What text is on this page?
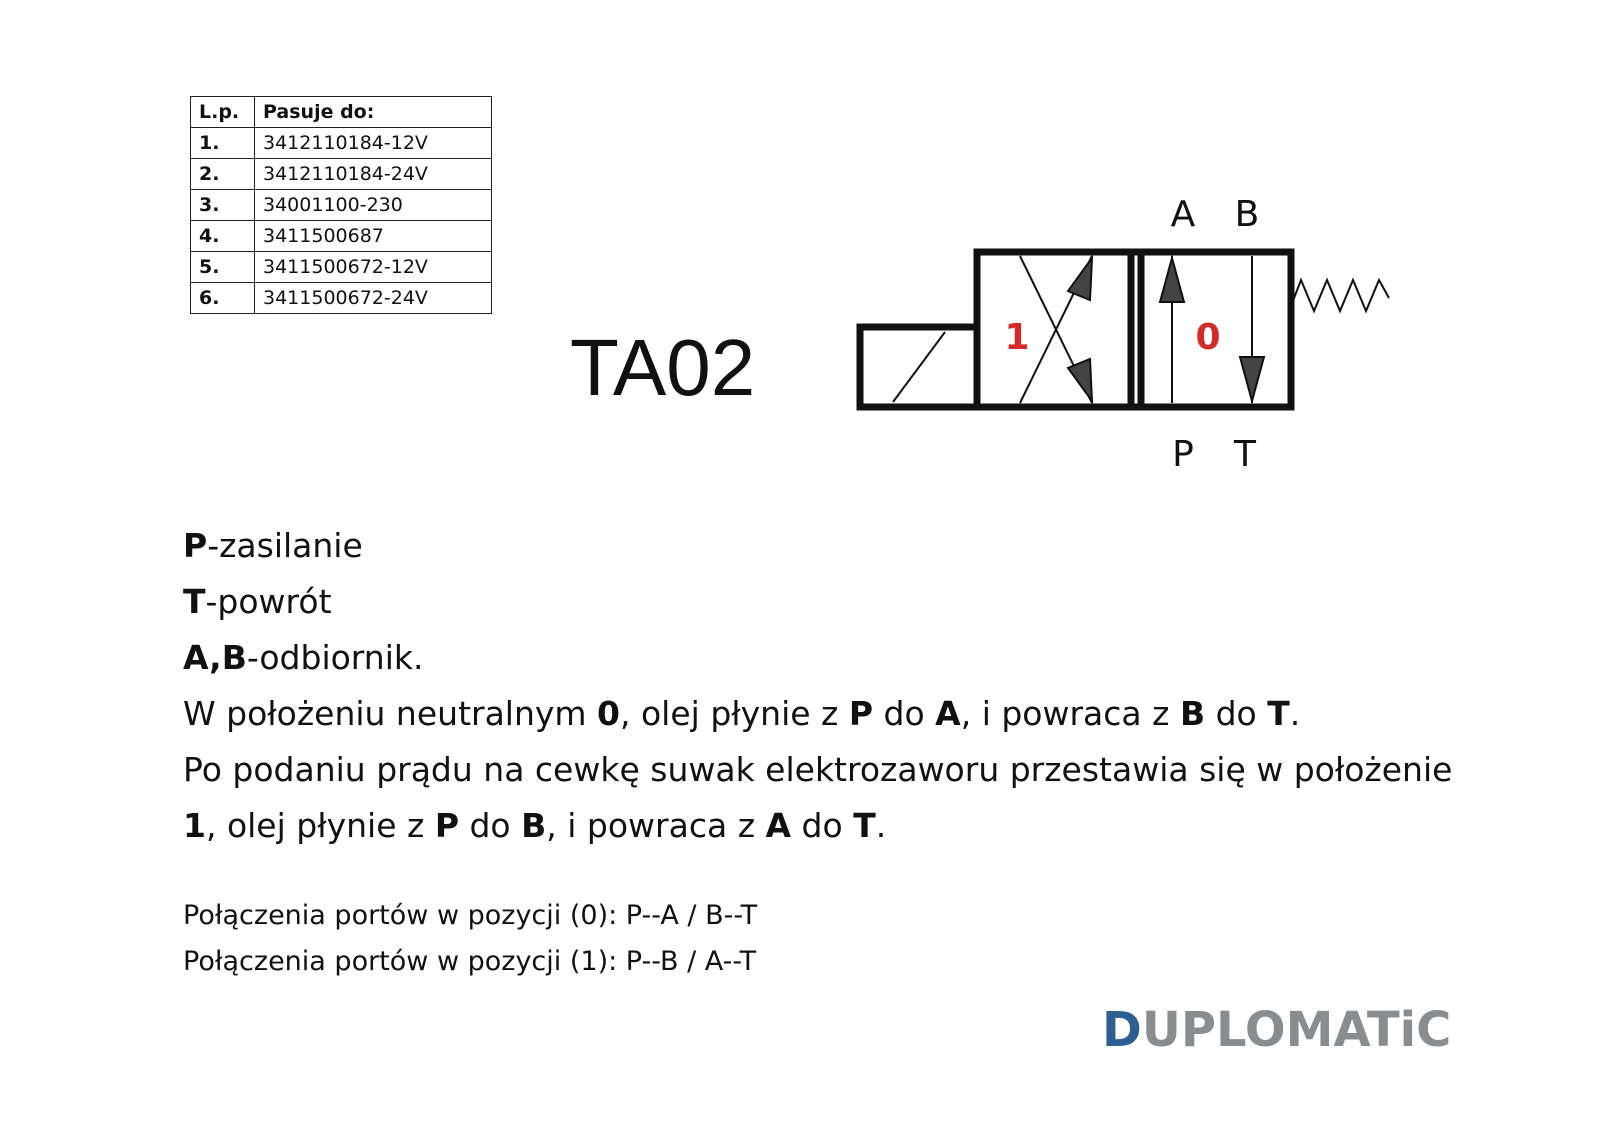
L.p.	Pasuje do:
1.	3412110184-12V
2.	3412110184-24V
3.	34001100-230
4.	3411500687
5.	3411500672-12V
6.	3411500672-24V
TA02	1	0
A B
P T

P-zasilanie

T-powrót

A,B-odbiornik.

W położeniu neutralnym 0, olej płynie z P do A, i powraca z B do T.

Po podaniu prądu na cewkę suwak elektrozaworu przestawia się w położenie 1, olej płynie z P do B, i powraca z A do T.

Połączenia portów w pozycji (0): P--A / B--T

Połączenia portów w pozycji (1): P--B / A--T

DUPLOMATiC
